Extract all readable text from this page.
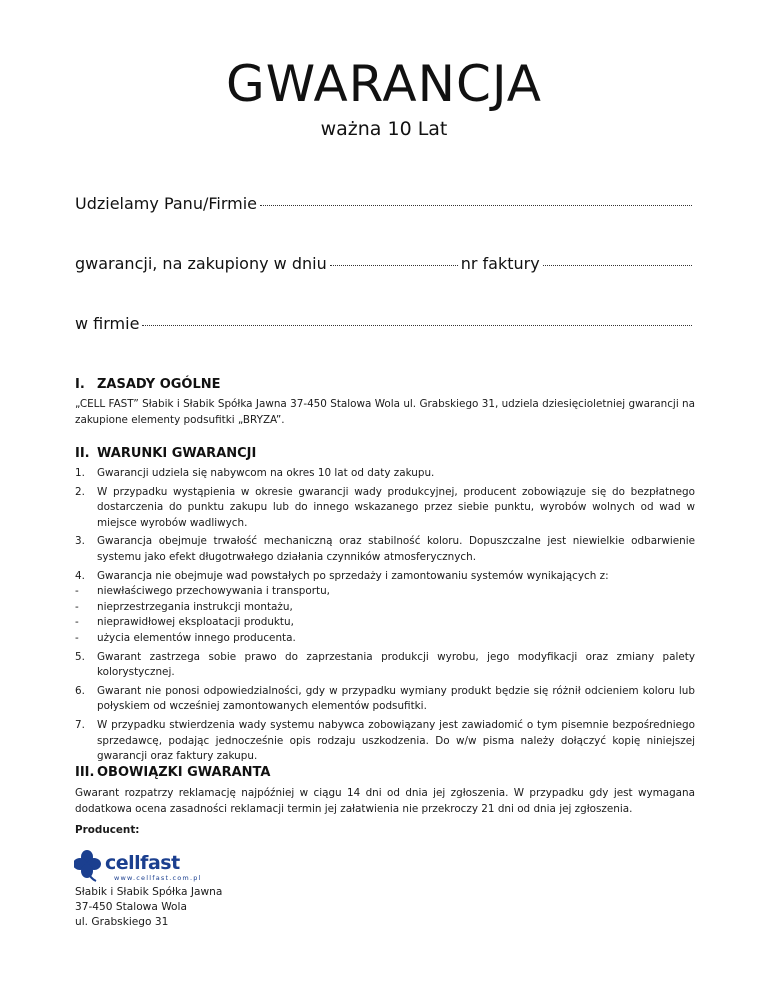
GWARANCJA
ważna 10 Lat
Udzielamy Panu/Firmie
gwarancji, na zakupiony w dniu	nr faktury
w firmie
I. ZASADY OGÓLNE
„CELL FAST” Słabik i Słabik Spółka Jawna 37-450 Stalowa Wola ul. Grabskiego 31, udziela dziesięcioletniej gwarancji na zakupione elementy podsufitki „BRYZA”.
II. WARUNKI GWARANCJI
1.	Gwarancji udziela się nabywcom na okres 10 lat od daty zakupu.
2.	W przypadku wystąpienia w okresie gwarancji wady produkcyjnej, producent zobowiązuje się do bezpłatnego dostarczenia do punktu zakupu lub do innego wskazanego przez siebie punktu, wyrobów wolnych od wad w miejsce wyrobów wadliwych.
3.	Gwarancja obejmuje trwałość mechaniczną oraz stabilność koloru. Dopuszczalne jest niewielkie odbarwienie systemu jako efekt długotrwałego działania czynników atmosferycznych.
4.	Gwarancja nie obejmuje wad powstałych po sprzedaży i zamontowaniu systemów wynikających z:
-	niewłaściwego przechowywania i transportu,
-	nieprzestrzegania instrukcji montażu,
-	nieprawidłowej eksploatacji produktu,
-	użycia elementów innego producenta.
5.	Gwarant zastrzega sobie prawo do zaprzestania produkcji wyrobu, jego modyfikacji oraz zmiany palety kolorystycznej.
6.	Gwarant nie ponosi odpowiedzialności, gdy w przypadku wymiany produkt będzie się różnił odcieniem koloru lub połyskiem od wcześniej zamontowanych elementów podsufitki.
7.	W przypadku stwierdzenia wady systemu nabywca zobowiązany jest zawiadomić o tym pisemnie bezpośredniego sprzedawcę, podając jednocześnie opis rodzaju uszkodzenia. Do w/w pisma należy dołączyć kopię niniejszej gwarancji oraz faktury zakupu.
III. OBOWIĄZKI GWARANTA
Gwarant rozpatrzy reklamację najpóźniej w ciągu 14 dni od dnia jej zgłoszenia. W przypadku gdy jest wymagana dodatkowa ocena zasadności reklamacji termin jej załatwienia nie przekroczy 21 dni od dnia jej zgłoszenia.
Producent:
cellfast
www.cellfast.com.pl
Słabik i Słabik Spółka Jawna
37-450 Stalowa Wola
ul. Grabskiego 31
